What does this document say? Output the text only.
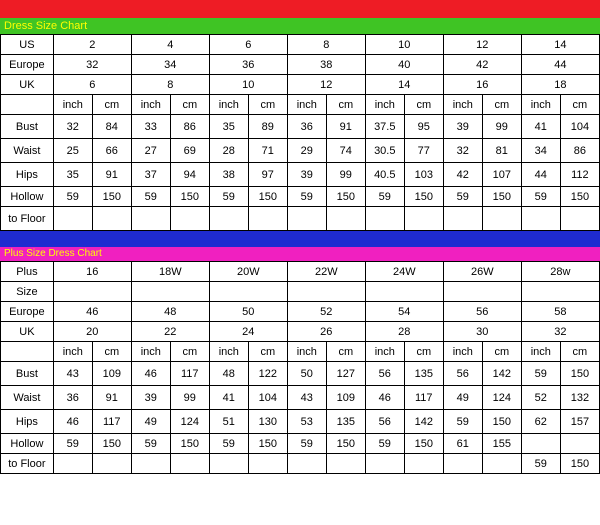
Dress Size Chart
US	2		4		6		8		10		12		14	
Europe	32		34		36		38		40		42		44	
UK	6		8		10		12		14		16		18	
	inch	cm	inch	cm	inch	cm	inch	cm	inch	cm	inch	cm	inch	cm
Bust	32	84	33	86	35	89	36	91	37.5	95	39	99	41	104
Waist	25	66	27	69	28	71	29	74	30.5	77	32	81	34	86
Hips	35	91	37	94	38	97	39	99	40.5	103	42	107	44	112
Hollow	59	150	59	150	59	150	59	150	59	150	59	150	59	150
to Floor														
Plus Size Dress Chart
Plus	16		18W		20W		22W		24W		26W		28w	
Size														
Europe	46		48		50		52		54		56		58	
UK	20		22		24		26		28		30		32	
	inch	cm	inch	cm	inch	cm	inch	cm	inch	cm	inch	cm	inch	cm
Bust	43	109	46	117	48	122	50	127	56	135	56	142	59	150
Waist	36	91	39	99	41	104	43	109	46	117	49	124	52	132
Hips	46	117	49	124	51	130	53	135	56	142	59	150	62	157
Hollow	59	150	59	150	59	150	59	150	59	150	61	155		
to Floor													59	150
